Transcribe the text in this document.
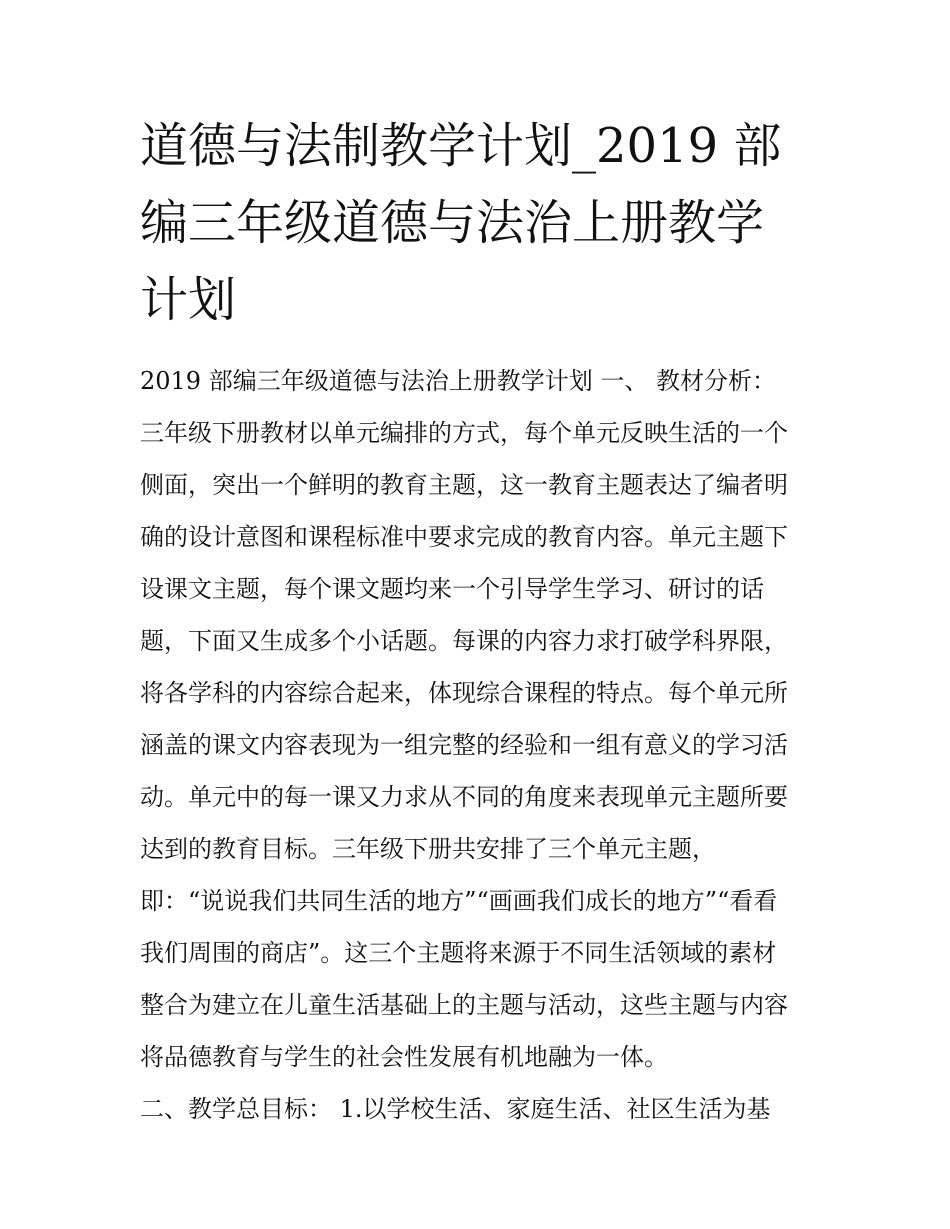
道德与法制教学计划_2019 部
编三年级道德与法治上册教学
计划
2019 部编三年级道德与法治上册教学计划 一、 教材分析：
三年级下册教材以单元编排的方式，每个单元反映生活的一个
侧面，突出一个鲜明的教育主题，这一教育主题表达了编者明
确的设计意图和课程标准中要求完成的教育内容。单元主题下
设课文主题，每个课文题均来一个引导学生学习、研讨的话
题，下面又生成多个小话题。每课的内容力求打破学科界限，
将各学科的内容综合起来，体现综合课程的特点。每个单元所
涵盖的课文内容表现为一组完整的经验和一组有意义的学习活
动。单元中的每一课又力求从不同的角度来表现单元主题所要
达到的教育目标。三年级下册共安排了三个单元主题，
即：“说说我们共同生活的地方”“画画我们成长的地方”“看看
我们周围的商店”。这三个主题将来源于不同生活领域的素材
整合为建立在儿童生活基础上的主题与活动，这些主题与内容
将品德教育与学生的社会性发展有机地融为一体。
二、教学总目标： 1.以学校生活、家庭生活、社区生活为基
